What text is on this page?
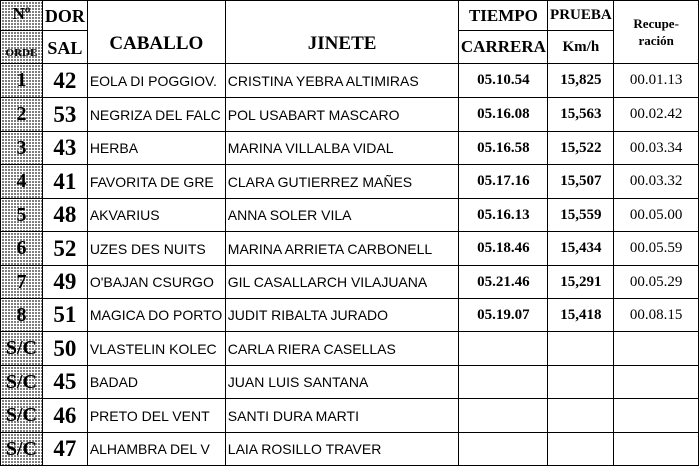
Nº	DOR	CABALLO	JINETE	TIEMPO	PRUEBA	Recupe-
ración
ORDE	SAL			CARRERA	Km/h	
1	42	EOLA DI POGGIOV.	CRISTINA YEBRA ALTIMIRAS	05.10.54	15,825	00.01.13
2	53	NEGRIZA DEL FALC	POL USABART MASCARO	05.16.08	15,563	00.02.42
3	43	HERBA	MARINA VILLALBA VIDAL	05.16.58	15,522	00.03.34
4	41	FAVORITA DE GRE	CLARA GUTIERREZ MAÑES	05.17.16	15,507	00.03.32
5	48	AKVARIUS	ANNA SOLER VILA	05.16.13	15,559	00.05.00
6	52	UZES DES NUITS	MARINA ARRIETA CARBONELL	05.18.46	15,434	00.05.59
7	49	O'BAJAN CSURGO	GIL CASALLARCH VILAJUANA	05.21.46	15,291	00.05.29
8	51	MAGICA DO PORTO	JUDIT RIBALTA JURADO	05.19.07	15,418	00.08.15
S/C	50	VLASTELIN KOLEC	CARLA RIERA CASELLAS			
S/C	45	BADAD	JUAN LUIS SANTANA			
S/C	46	PRETO DEL VENT	SANTI DURA MARTI			
S/C	47	ALHAMBRA DEL V	LAIA ROSILLO TRAVER			
